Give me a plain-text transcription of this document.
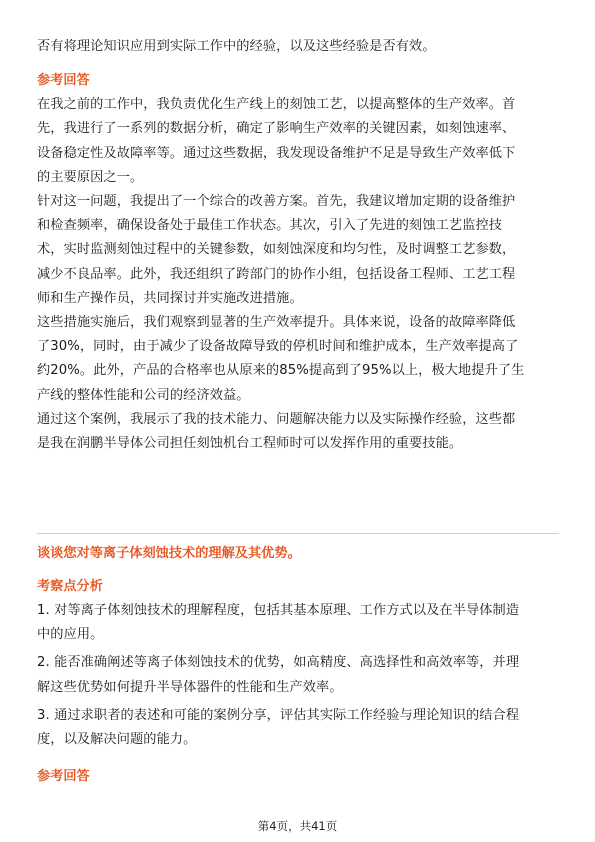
否有将理论知识应用到实际工作中的经验，以及这些经验是否有效。

参考回答

在我之前的工作中，我负责优化生产线上的刻蚀工艺，以提高整体的生产效率。首

先，我进行了一系列的数据分析，确定了影响生产效率的关键因素，如刻蚀速率、

设备稳定性及故障率等。通过这些数据，我发现设备维护不足是导致生产效率低下

的主要原因之一。

针对这一问题，我提出了一个综合的改善方案。首先，我建议增加定期的设备维护

和检查频率，确保设备处于最佳工作状态。其次，引入了先进的刻蚀工艺监控技

术，实时监测刻蚀过程中的关键参数，如刻蚀深度和均匀性，及时调整工艺参数，

减少不良品率。此外，我还组织了跨部门的协作小组，包括设备工程师、工艺工程

师和生产操作员，共同探讨并实施改进措施。

这些措施实施后，我们观察到显著的生产效率提升。具体来说，设备的故障率降低

了30%，同时，由于减少了设备故障导致的停机时间和维护成本，生产效率提高了

约20%。此外，产品的合格率也从原来的85%提高到了95%以上，极大地提升了生

产线的整体性能和公司的经济效益。

通过这个案例，我展示了我的技术能力、问题解决能力以及实际操作经验，这些都

是我在润鹏半导体公司担任刻蚀机台工程师时可以发挥作用的重要技能。

谈谈您对等离子体刻蚀技术的理解及其优势。

考察点分析

1. 对等离子体刻蚀技术的理解程度，包括其基本原理、工作方式以及在半导体制造

中的应用。

2. 能否准确阐述等离子体刻蚀技术的优势，如高精度、高选择性和高效率等，并理

解这些优势如何提升半导体器件的性能和生产效率。

3. 通过求职者的表述和可能的案例分享，评估其实际工作经验与理论知识的结合程

度，以及解决问题的能力。

参考回答

第4页，共41页
